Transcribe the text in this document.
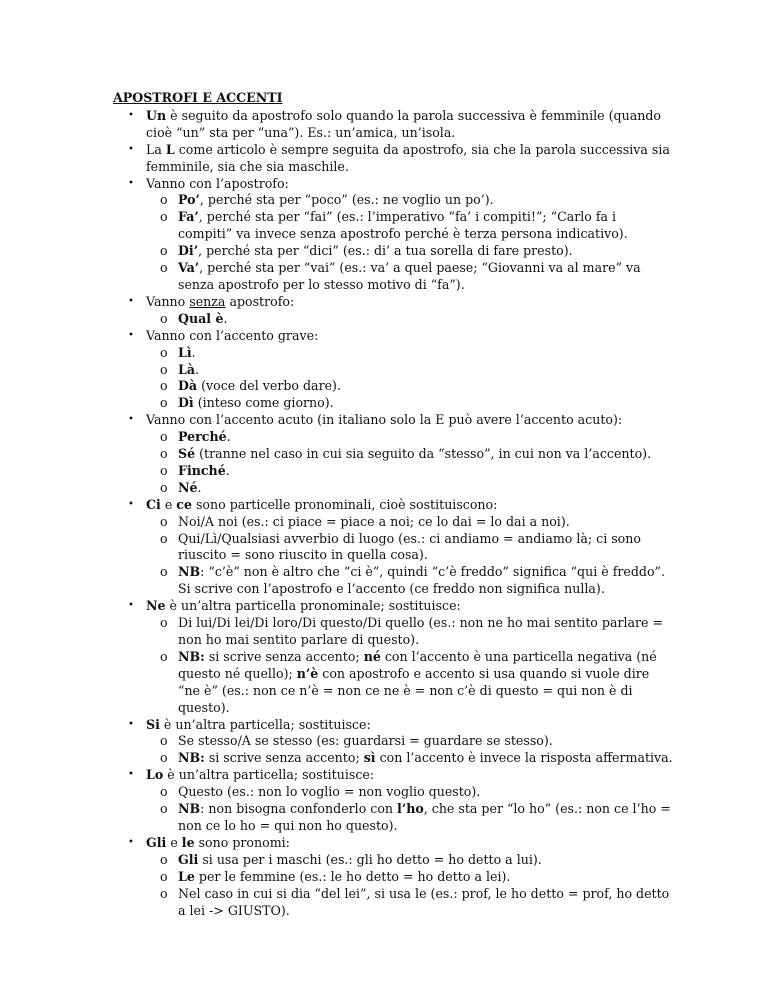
APOSTROFI E ACCENTI
• Un è seguito da apostrofo solo quando la parola successiva è femminile (quando cioè “un” sta per “una”). Es.: un’amica, un’isola.
• La L come articolo è sempre seguita da apostrofo, sia che la parola successiva sia femminile, sia che sia maschile.
• Vanno con l’apostrofo:
o Po’, perché sta per “poco” (es.: ne voglio un po’).
o Fa’, perché sta per “fai” (es.: l’imperativo “fa’ i compiti!”; “Carlo fa i compiti” va invece senza apostrofo perché è terza persona indicativo).
o Di’, perché sta per “dici” (es.: di’ a tua sorella di fare presto).
o Va’, perché sta per “vai” (es.: va’ a quel paese; “Giovanni va al mare” va senza apostrofo per lo stesso motivo di “fa”).
• Vanno senza apostrofo:
o Qual è.
• Vanno con l’accento grave:
o Lì.
o Là.
o Dà (voce del verbo dare).
o Dì (inteso come giorno).
• Vanno con l’accento acuto (in italiano solo la E può avere l’accento acuto):
o Perché.
o Sé (tranne nel caso in cui sia seguito da “stesso”, in cui non va l’accento).
o Finché.
o Né.
• Ci e ce sono particelle pronominali, cioè sostituiscono:
o Noi/A noi (es.: ci piace = piace a noi; ce lo dai = lo dai a noi).
o Qui/Lì/Qualsiasi avverbio di luogo (es.: ci andiamo = andiamo là; ci sono riuscito = sono riuscito in quella cosa).
o NB: “c’è” non è altro che “ci è”, quindi “c’è freddo” significa “qui è freddo”. Si scrive con l’apostrofo e l’accento (ce freddo non significa nulla).
• Ne è un’altra particella pronominale; sostituisce:
o Di lui/Di lei/Di loro/Di questo/Di quello (es.: non ne ho mai sentito parlare = non ho mai sentito parlare di questo).
o NB: si scrive senza accento; né con l’accento è una particella negativa (né questo né quello); n’è con apostrofo e accento si usa quando si vuole dire “ne è” (es.: non ce n’è = non ce ne è = non c’è di questo = qui non è di questo).
• Si è un’altra particella; sostituisce:
o Se stesso/A se stesso (es: guardarsi = guardare se stesso).
o NB: si scrive senza accento; sì con l’accento è invece la risposta affermativa.
• Lo è un’altra particella; sostituisce:
o Questo (es.: non lo voglio = non voglio questo).
o NB: non bisogna confonderlo con l’ho, che sta per “lo ho” (es.: non ce l’ho = non ce lo ho = qui non ho questo).
• Gli e le sono pronomi:
o Gli si usa per i maschi (es.: gli ho detto = ho detto a lui).
o Le per le femmine (es.: le ho detto = ho detto a lei).
o Nel caso in cui si dia “del lei”, si usa le (es.: prof, le ho detto = prof, ho detto a lei -> GIUSTO).
